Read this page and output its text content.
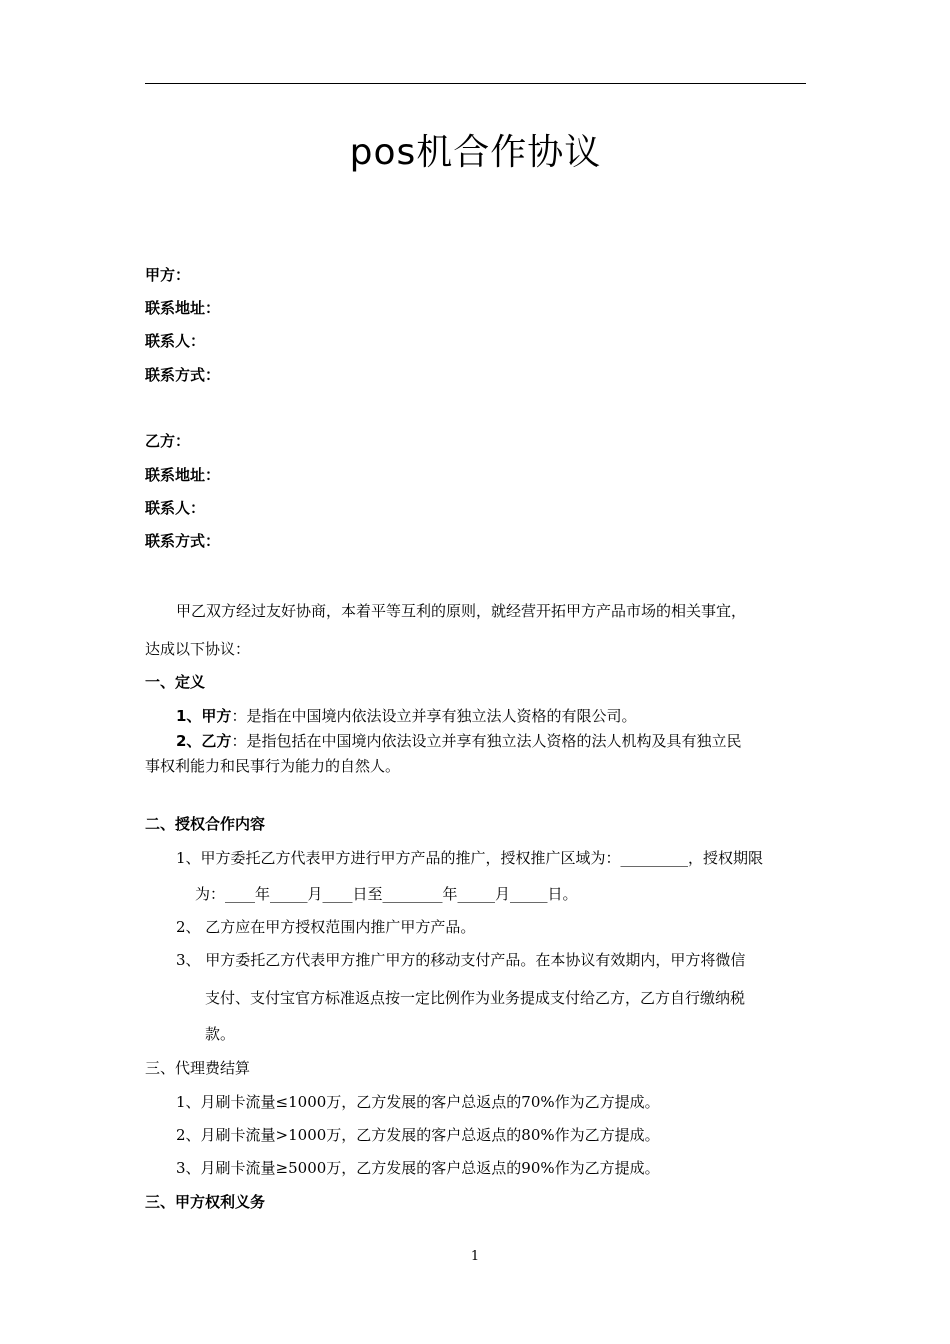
pos机合作协议
甲方：
联系地址：
联系人：
联系方式：
乙方：
联系地址：
联系人：
联系方式：
甲乙双方经过友好协商，本着平等互利的原则，就经营开拓甲方产品市场的相关事宜，
达成以下协议：
一、定义
1、甲方：是指在中国境内依法设立并享有独立法人资格的有限公司。
2、乙方：是指包括在中国境内依法设立并享有独立法人资格的法人机构及具有独立民
事权利能力和民事行为能力的自然人。
二、授权合作内容
1、甲方委托乙方代表甲方进行甲方产品的推广，授权推广区域为：_________，授权期限
为：____年_____月____日至________年_____月_____日。
2、 乙方应在甲方授权范围内推广甲方产品。
3、 甲方委托乙方代表甲方推广甲方的移动支付产品。在本协议有效期内，甲方将微信
支付、支付宝官方标准返点按一定比例作为业务提成支付给乙方，乙方自行缴纳税
款。
三、代理费结算
1、月刷卡流量≤1000万，乙方发展的客户总返点的70%作为乙方提成。
2、月刷卡流量>1000万，乙方发展的客户总返点的80%作为乙方提成。
3、月刷卡流量≥5000万，乙方发展的客户总返点的90%作为乙方提成。
三、甲方权利义务
1
